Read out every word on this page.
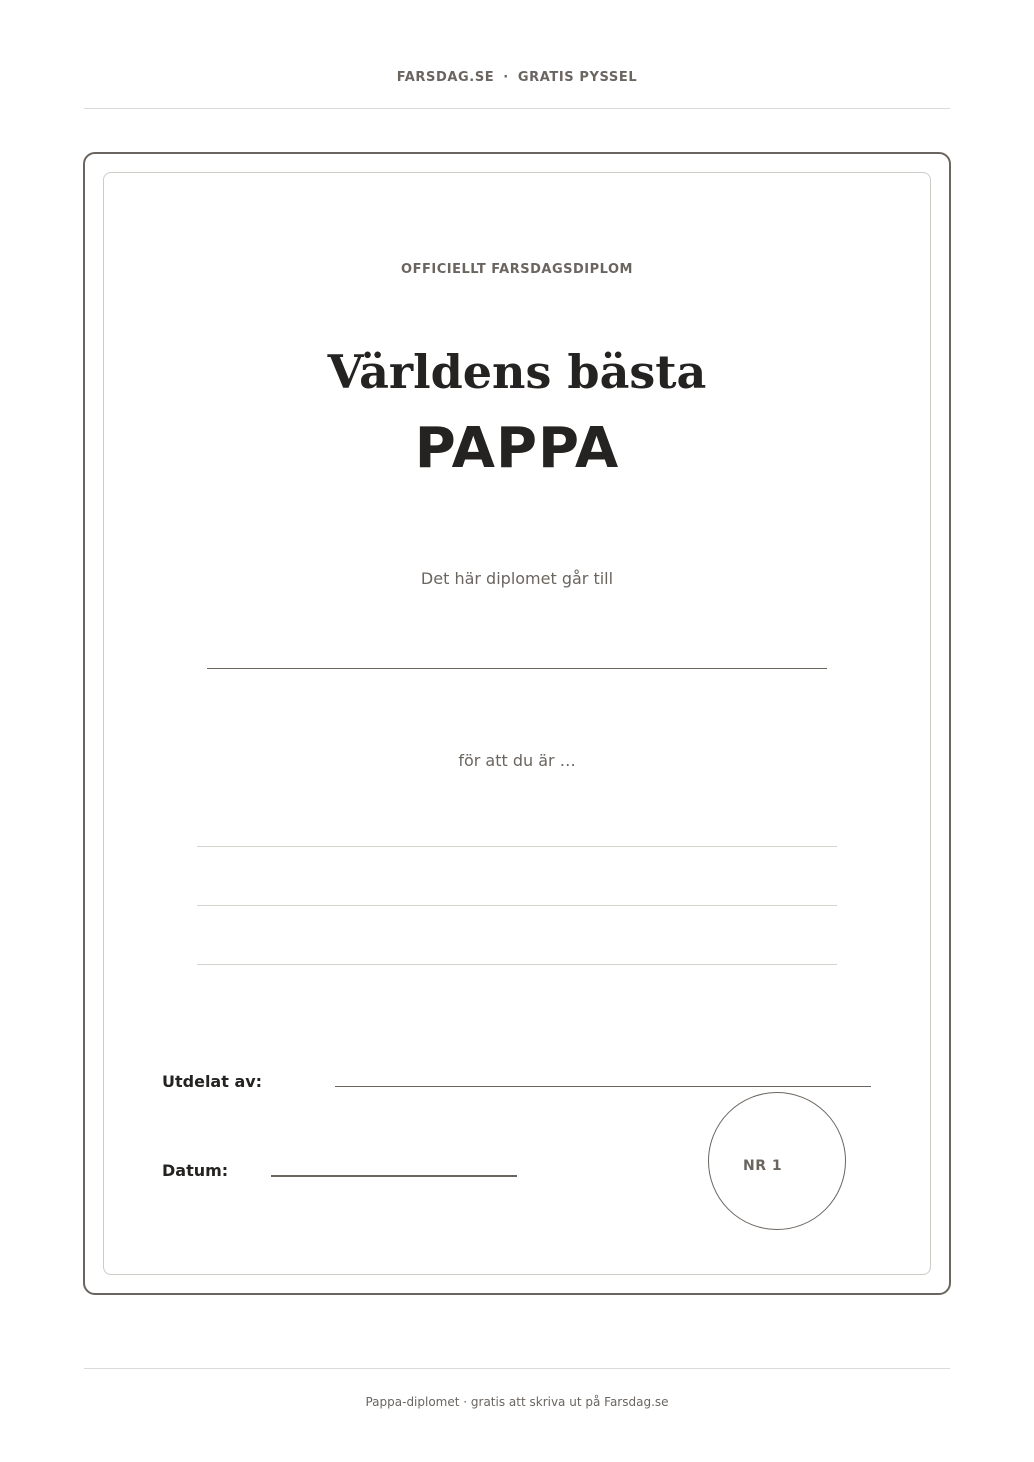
FARSDAG.SE · GRATIS PYSSEL
OFFICIELLT FARSDAGSDIPLOM
Världens bästa
PAPPA
Det här diplomet går till
för att du är …
Utdelat av:
Datum:	NR 1
Pappa-diplomet · gratis att skriva ut på Farsdag.se
